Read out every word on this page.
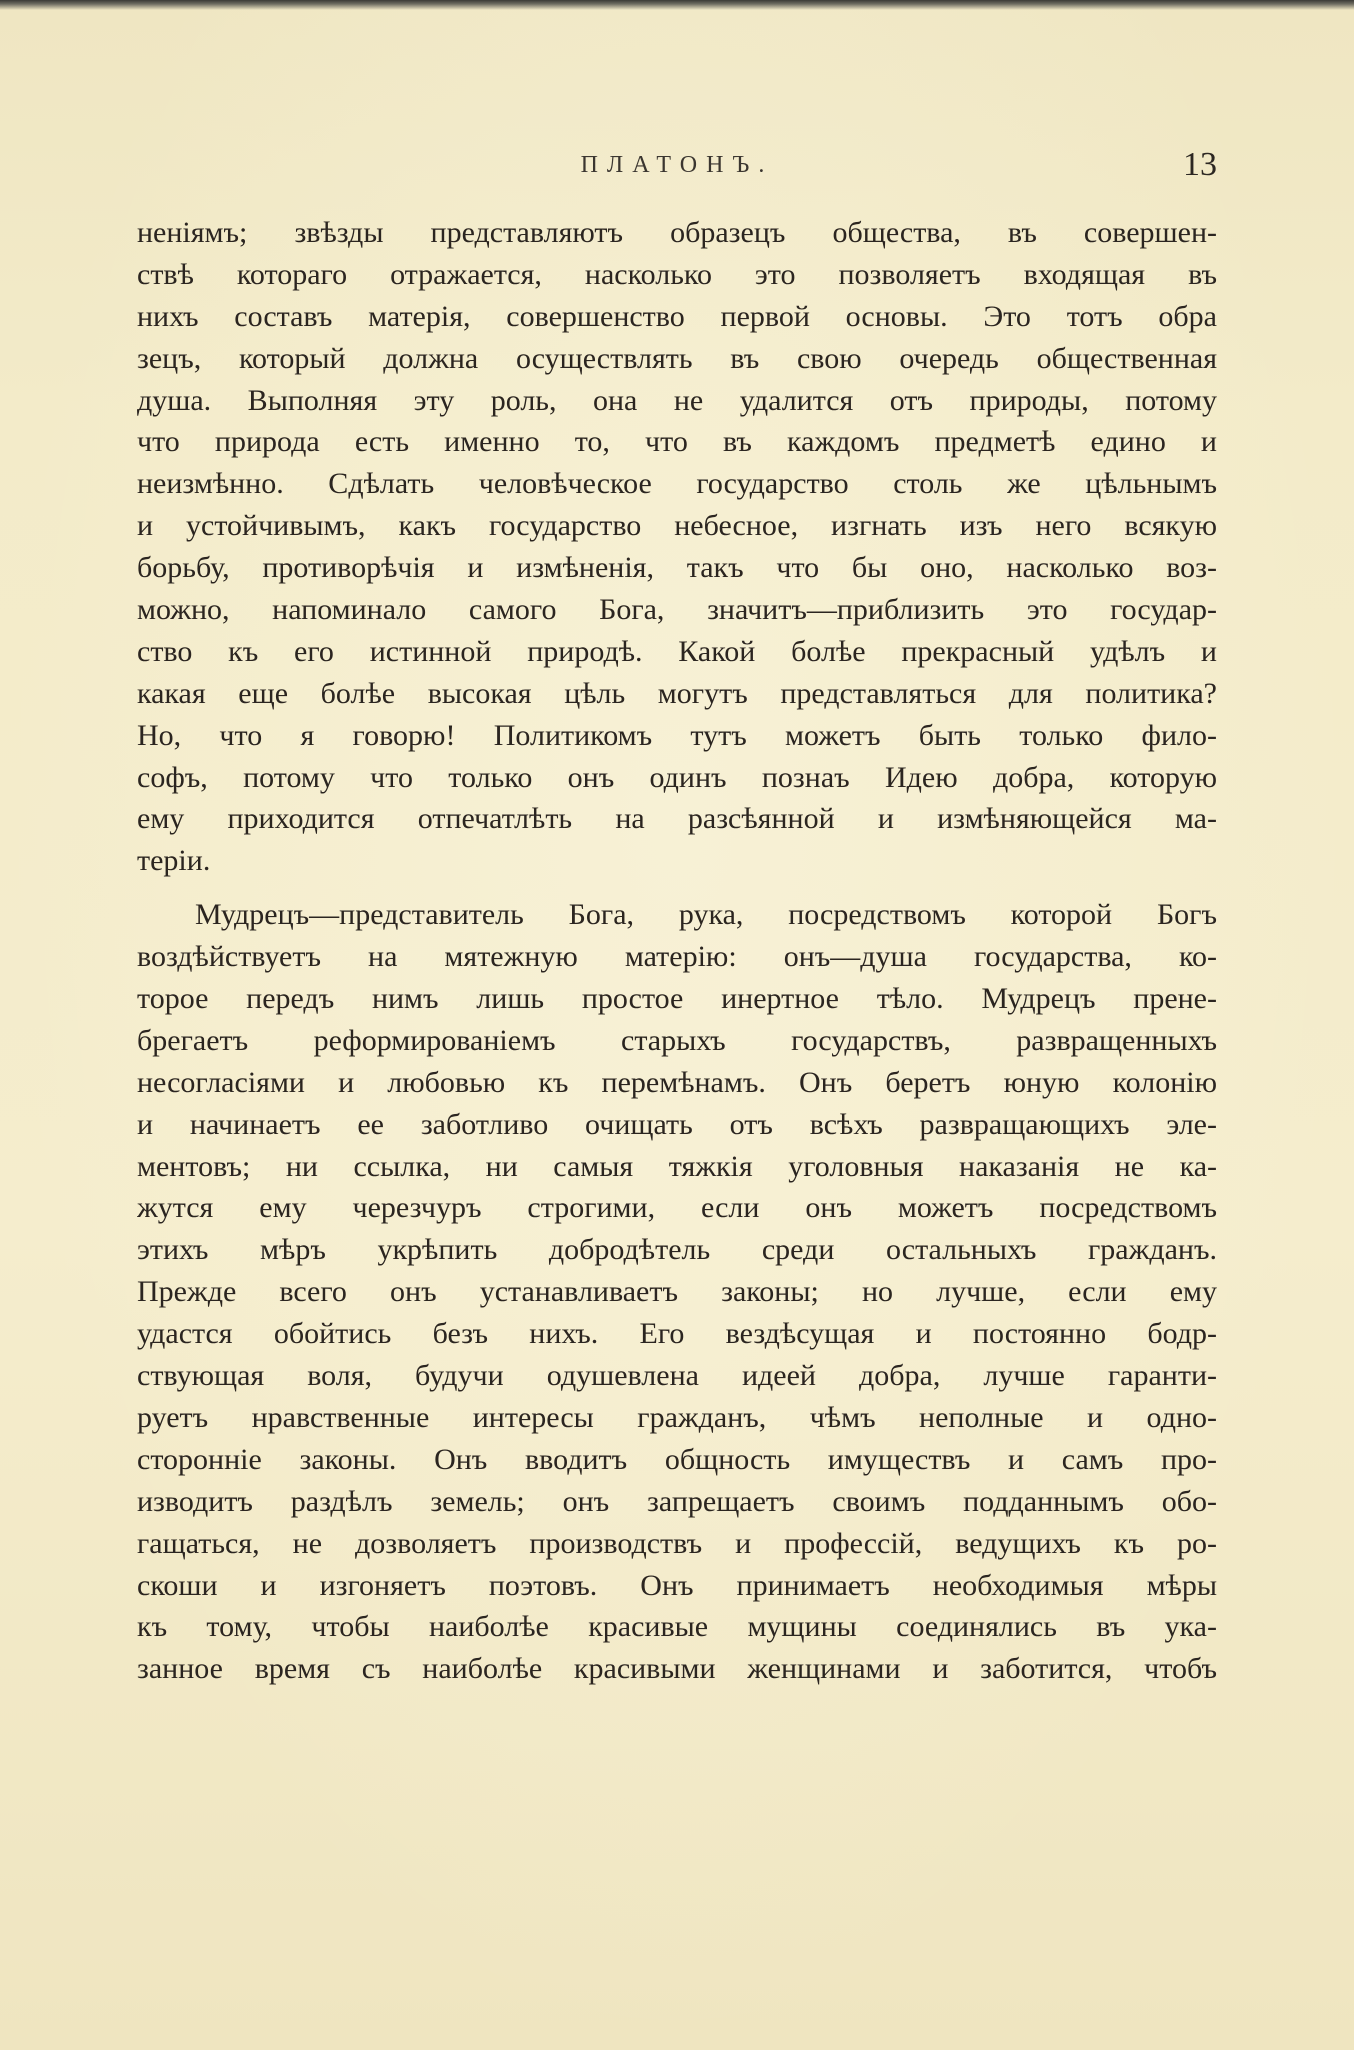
ПЛАТОНЪ.	13
неніямъ; звѣзды представляютъ образецъ общества, въ совершен-
ствѣ котораго отражается, насколько это позволяетъ входящая въ
нихъ составъ матерія, совершенство первой основы. Это тотъ обра
зецъ, который должна осуществлять въ свою очередь общественная
душа. Выполняя эту роль, она не удалится отъ природы, потому
что природа есть именно то, что въ каждомъ предметѣ едино и
неизмѣнно. Сдѣлать человѣческое государство столь же цѣльнымъ
и устойчивымъ, какъ государство небесное, изгнать изъ него всякую
борьбу, противорѣчія и измѣненія, такъ что бы оно, насколько воз-
можно, напоминало самого Бога, значитъ—приблизить это государ-
ство къ его истинной природѣ. Какой болѣе прекрасный удѣлъ и
какая еще болѣе высокая цѣль могутъ представляться для политика?
Но, что я говорю! Политикомъ тутъ можетъ быть только фило-
софъ, потому что только онъ одинъ познаъ Идею добра, которую
ему приходится отпечатлѣть на разсѣянной и измѣняющейся ма-
теріи.
Мудрецъ—представитель Бога, рука, посредствомъ которой Богъ
воздѣйствуетъ на мятежную матерію: онъ—душа государства, ко-
торое передъ нимъ лишь простое инертное тѣло. Мудрецъ прене-
брегаетъ реформированіемъ старыхъ государствъ, развращенныхъ
несогласіями и любовью къ перемѣнамъ. Онъ беретъ юную колонію
и начинаетъ ее заботливо очищать отъ всѣхъ развращающихъ эле-
ментовъ; ни ссылка, ни самыя тяжкія уголовныя наказанія не ка-
жутся ему черезчуръ строгими, если онъ можетъ посредствомъ
этихъ мѣръ укрѣпить добродѣтель среди остальныхъ гражданъ.
Прежде всего онъ устанавливаетъ законы; но лучше, если ему
удастся обойтись безъ нихъ. Его вездѣсущая и постоянно бодр-
ствующая воля, будучи одушевлена идеей добра, лучше гаранти-
руетъ нравственные интересы гражданъ, чѣмъ неполные и одно-
сторонніе законы. Онъ вводитъ общность имуществъ и самъ про-
изводитъ раздѣлъ земель; онъ запрещаетъ своимъ подданнымъ обо-
гащаться, не дозволяетъ производствъ и профессій, ведущихъ къ ро-
скоши и изгоняетъ поэтовъ. Онъ принимаетъ необходимыя мѣры
къ тому, чтобы наиболѣе красивые мущины соединялись въ ука-
занное время съ наиболѣе красивыми женщинами и заботится, чтобъ
